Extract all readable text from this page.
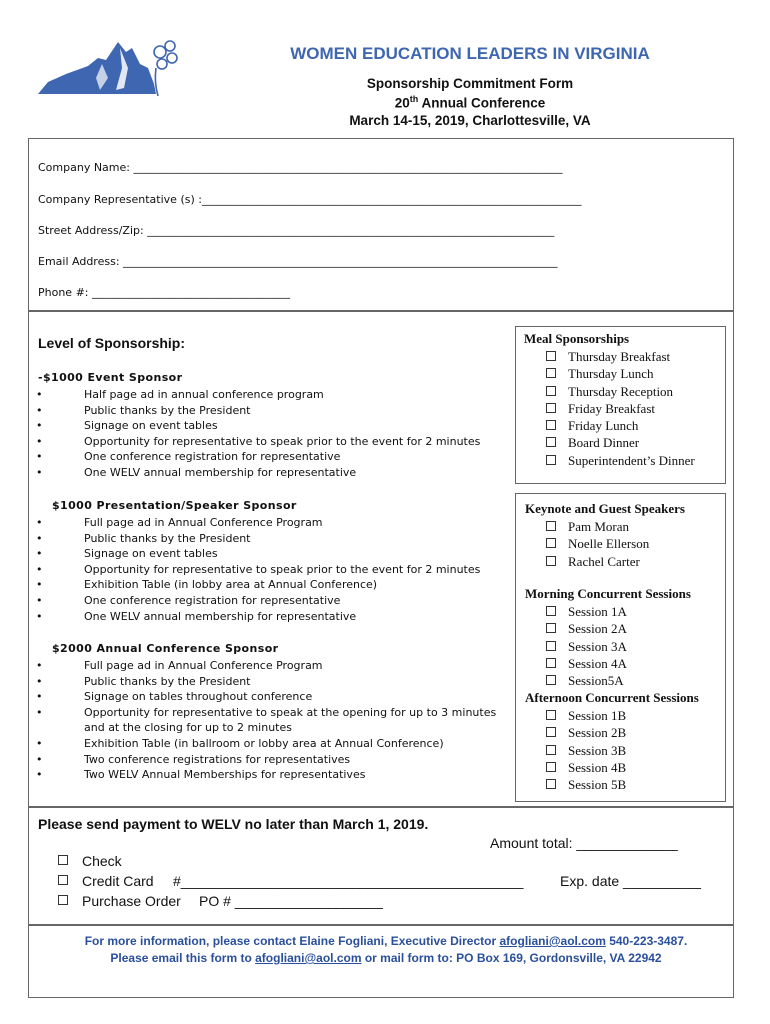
WOMEN EDUCATION LEADERS IN VIRGINIA
Sponsorship Commitment Form
20th Annual Conference
March 14-15, 2019, Charlottesville, VA
Company Name: ______________________________________________________________________________
Company Representative (s) :_____________________________________________________________________
Street Address/Zip: __________________________________________________________________________
Email Address: _______________________________________________________________________________
Phone #: ____________________________________
Level of Sponsorship:
-$1000 Event Sponsor
• Half page ad in annual conference program
• Public thanks by the President
• Signage on event tables
• Opportunity for representative to speak prior to the event for 2 minutes
• One conference registration for representative
• One WELV annual membership for representative
$1000 Presentation/Speaker Sponsor
• Full page ad in Annual Conference Program
• Public thanks by the President
• Signage on event tables
• Opportunity for representative to speak prior to the event for 2 minutes
• Exhibition Table (in lobby area at Annual Conference)
• One conference registration for representative
• One WELV annual membership for representative
$2000 Annual Conference Sponsor
• Full page ad in Annual Conference Program
• Public thanks by the President
• Signage on tables throughout conference
• Opportunity for representative to speak at the opening for up to 3 minutes
and at the closing for up to 2 minutes
• Exhibition Table (in ballroom or lobby area at Annual Conference)
• Two conference registrations for representatives
• Two WELV Annual Memberships for representatives
Meal Sponsorships
Thursday Breakfast
Thursday Lunch
Thursday Reception
Friday Breakfast
Friday Lunch
Board Dinner
Superintendent’s Dinner
Keynote and Guest Speakers
Pam Moran
Noelle Ellerson
Rachel Carter
Morning Concurrent Sessions
Session 1A
Session 2A
Session 3A
Session 4A
Session5A
Afternoon Concurrent Sessions
Session 1B
Session 2B
Session 3B
Session 4B
Session 5B
Please send payment to WELV no later than March 1, 2019.
Amount total: _____________
Check
Credit Card #____________________________________________	Exp. date __________
Purchase Order PO # ___________________
For more information, please contact Elaine Fogliani, Executive Director afogliani@aol.com 540-223-3487.
Please email this form to afogliani@aol.com or mail form to: PO Box 169, Gordonsville, VA 22942
